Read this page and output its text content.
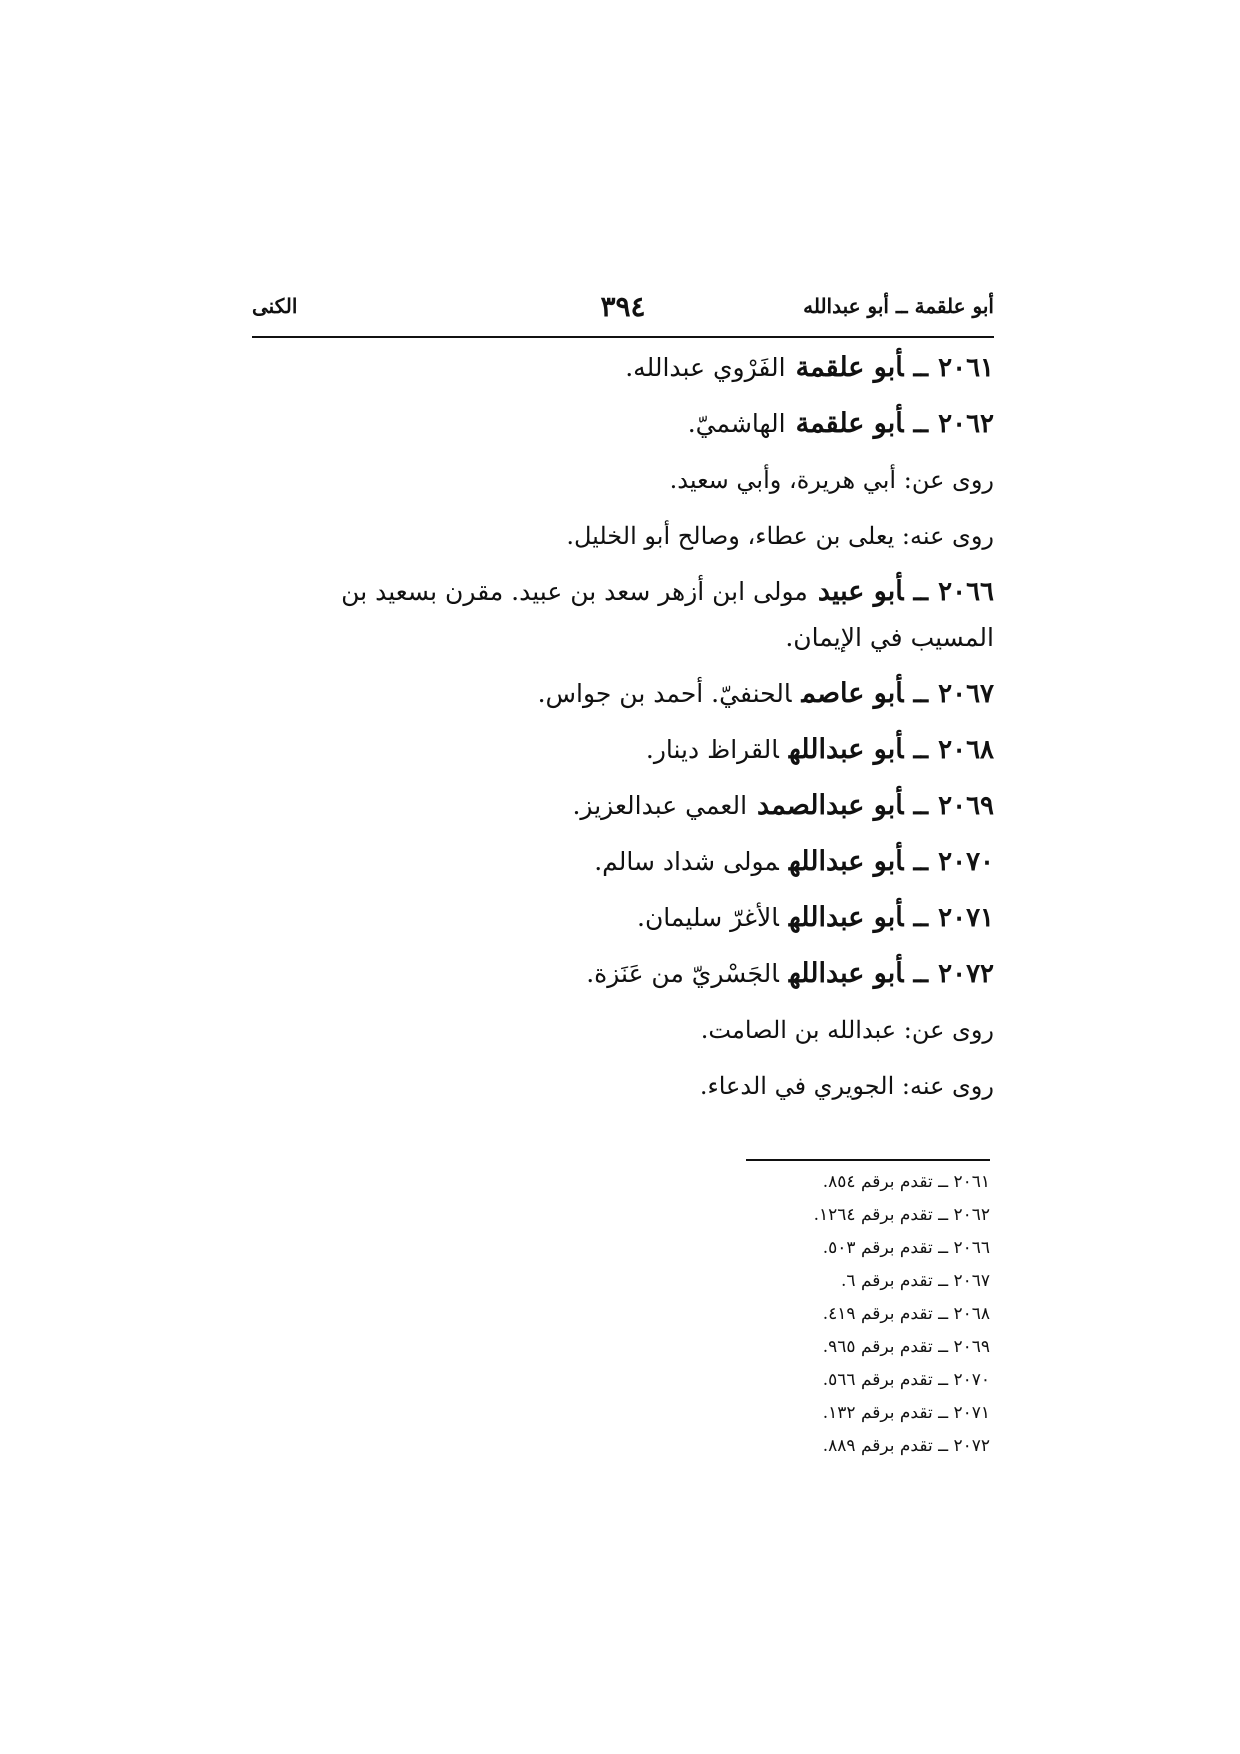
أبو علقمة ــ أبو عبدالله
٣٩٤
الكنى
٢٠٦١ــأبو علقمةالفَرْوي عبدالله.
٢٠٦٢ــأبو علقمةالهاشميّ.
روى عن: أبي هريرة، وأبي سعيد.
روى عنه: يعلى بن عطاء، وصالح أبو الخليل.
٢٠٦٦ــأبو عبيدمولى ابن أزهر سعد بن عبيد. مقرن بسعيد بن المسيب في الإيمان.
٢٠٦٧ــأبو عاصمالحنفيّ. أحمد بن جواس.
٢٠٦٨ــأبو عبداللهالقراظ دينار.
٢٠٦٩ــأبو عبدالصمدالعمي عبدالعزيز.
٢٠٧٠ــأبو عبداللهمولى شداد سالم.
٢٠٧١ــأبو عبداللهالأغرّ سليمان.
٢٠٧٢ــأبو عبداللهالجَسْريّ من عَنَزة.
روى عن: عبدالله بن الصامت.
روى عنه: الجويري في الدعاء.
٢٠٦١ ــ تقدم برقم ٨٥٤.
٢٠٦٢ ــ تقدم برقم ١٢٦٤.
٢٠٦٦ ــ تقدم برقم ٥٠٣.
٢٠٦٧ ــ تقدم برقم ٦.
٢٠٦٨ ــ تقدم برقم ٤١٩.
٢٠٦٩ ــ تقدم برقم ٩٦٥.
٢٠٧٠ ــ تقدم برقم ٥٦٦.
٢٠٧١ ــ تقدم برقم ١٣٢.
٢٠٧٢ ــ تقدم برقم ٨٨٩.
